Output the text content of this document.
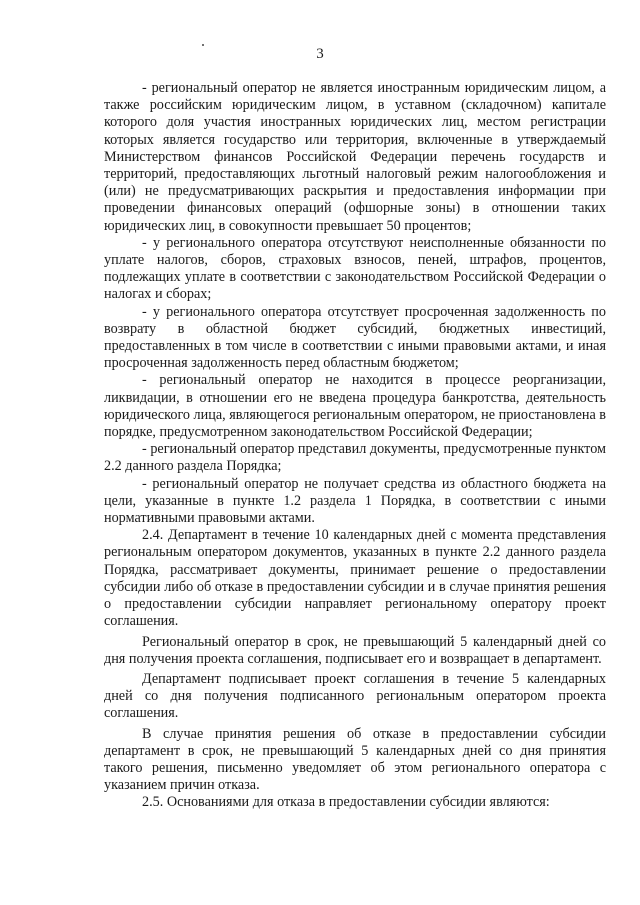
3

- региональный оператор не является иностранным юридическим лицом, а также российским юридическим лицом, в уставном (складочном) капитале которого доля участия иностранных юридических лиц, местом регистрации которых является государство или территория, включенные в утверждаемый Министерством финансов Российской Федерации перечень государств и территорий, предоставляющих льготный налоговый режим налогообложения и (или) не предусматривающих раскрытия и предоставления информации при проведении финансовых операций (офшорные зоны) в отношении таких юридических лиц, в совокупности превышает 50 процентов;

- у регионального оператора отсутствуют неисполненные обязанности по уплате налогов, сборов, страховых взносов, пеней, штрафов, процентов, подлежащих уплате в соответствии с законодательством Российской Федерации о налогах и сборах;

- у регионального оператора отсутствует просроченная задолженность по возврату в областной бюджет субсидий, бюджетных инвестиций, предоставленных в том числе в соответствии с иными правовыми актами, и иная просроченная задолженность перед областным бюджетом;

- региональный оператор не находится в процессе реорганизации, ликвидации, в отношении его не введена процедура банкротства, деятельность юридического лица, являющегося региональным оператором, не приостановлена в порядке, предусмотренном законодательством Российской Федерации;

- региональный оператор представил документы, предусмотренные пунктом 2.2 данного раздела Порядка;

- региональный оператор не получает средства из областного бюджета на цели, указанные в пункте 1.2 раздела 1 Порядка, в соответствии с иными нормативными правовыми актами.

2.4. Департамент в течение 10 календарных дней с момента представления региональным оператором документов, указанных в пункте 2.2 данного раздела Порядка, рассматривает документы, принимает решение о предоставлении субсидии либо об отказе в предоставлении субсидии и в случае принятия решения о предоставлении субсидии направляет региональному оператору проект соглашения.

Региональный оператор в срок, не превышающий 5 календарный дней со дня получения проекта соглашения, подписывает его и возвращает в департамент.

Департамент подписывает проект соглашения в течение 5 календарных дней со дня получения подписанного региональным оператором проекта соглашения.

В случае принятия решения об отказе в предоставлении субсидии департамент в срок, не превышающий 5 календарных дней со дня принятия такого решения, письменно уведомляет об этом регионального оператора с указанием причин отказа.

2.5. Основаниями для отказа в предоставлении субсидии являются:
